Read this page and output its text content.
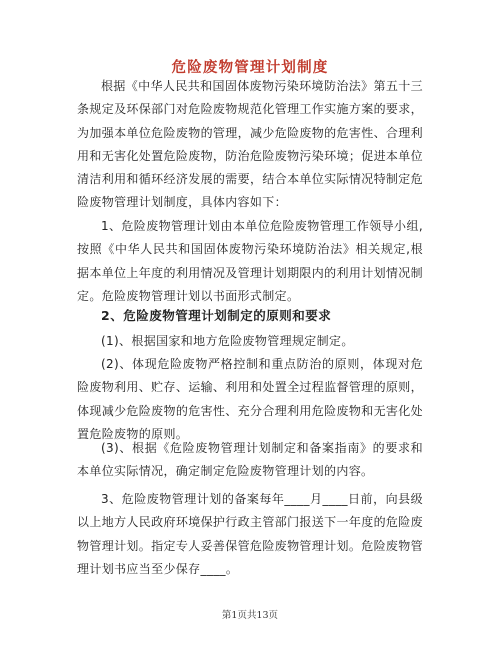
危险废物管理计划制度

根据《中华人民共和国固体废物污染环境防治法》第五十三条规定及环保部门对危险废物规范化管理工作实施方案的要求，为加强本单位危险废物的管理，减少危险废物的危害性、合理利用和无害化处置危险废物，防治危险废物污染环境；促进本单位清洁利用和循环经济发展的需要，结合本单位实际情况特制定危险废物管理计划制度，具体内容如下：

1、危险废物管理计划由本单位危险废物管理工作领导小组,按照《中华人民共和国固体废物污染环境防治法》相关规定,根据本单位上年度的利用情况及管理计划期限内的利用计划情况制定。危险废物管理计划以书面形式制定。

2、危险废物管理计划制定的原则和要求

(1)、根据国家和地方危险废物管理规定制定。

(2)、体现危险废物严格控制和重点防治的原则，体现对危险废物利用、贮存、运输、利用和处置全过程监督管理的原则，体现减少危险废物的危害性、充分合理利用危险废物和无害化处置危险废物的原则。

(3)、根据《危险废物管理计划制定和备案指南》的要求和本单位实际情况，确定制定危险废物管理计划的内容。

3、危险废物管理计划的备案每年____月____日前，向县级以上地方人民政府环境保护行政主管部门报送下一年度的危险废物管理计划。指定专人妥善保管危险废物管理计划。危险废物管理计划书应当至少保存____。

第1页共13页
